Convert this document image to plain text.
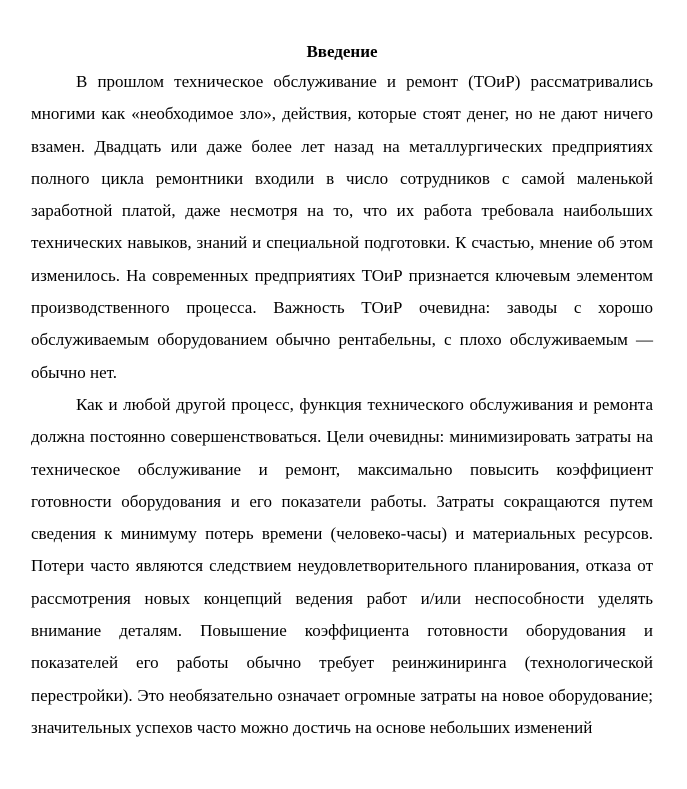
Введение

В прошлом техническое обслуживание и ремонт (ТОиР) рассматривались многими как «необходимое зло», действия, которые стоят денег, но не дают ничего взамен. Двадцать или даже более лет назад на металлургических предприятиях полного цикла ремонтники входили в число сотрудников с самой маленькой заработной платой, даже несмотря на то, что их работа требовала наибольших технических навыков, знаний и специальной подготовки. К счастью, мнение об этом изменилось. На современных предприятиях ТОиР признается ключевым элементом производственного процесса. Важность ТОиР очевидна: заводы с хорошо обслуживаемым оборудованием обычно рентабельны, с плохо обслуживаемым — обычно нет.

Как и любой другой процесс, функция технического обслуживания и ремонта должна постоянно совершенствоваться. Цели очевидны: минимизировать затраты на техническое обслуживание и ремонт, максимально повысить коэффициент готовности оборудования и его показатели работы. Затраты сокращаются путем сведения к минимуму потерь времени (человеко-часы) и материальных ресурсов. Потери часто являются следствием неудовлетворительного планирования, отказа от рассмотрения новых концепций ведения работ и/или неспособности уделять внимание деталям. Повышение коэффициента готовности оборудования и показателей его работы обычно требует реинжиниринга (технологической перестройки). Это необязательно означает огромные затраты на новое оборудование; значительных успехов часто можно достичь на основе небольших изменений
